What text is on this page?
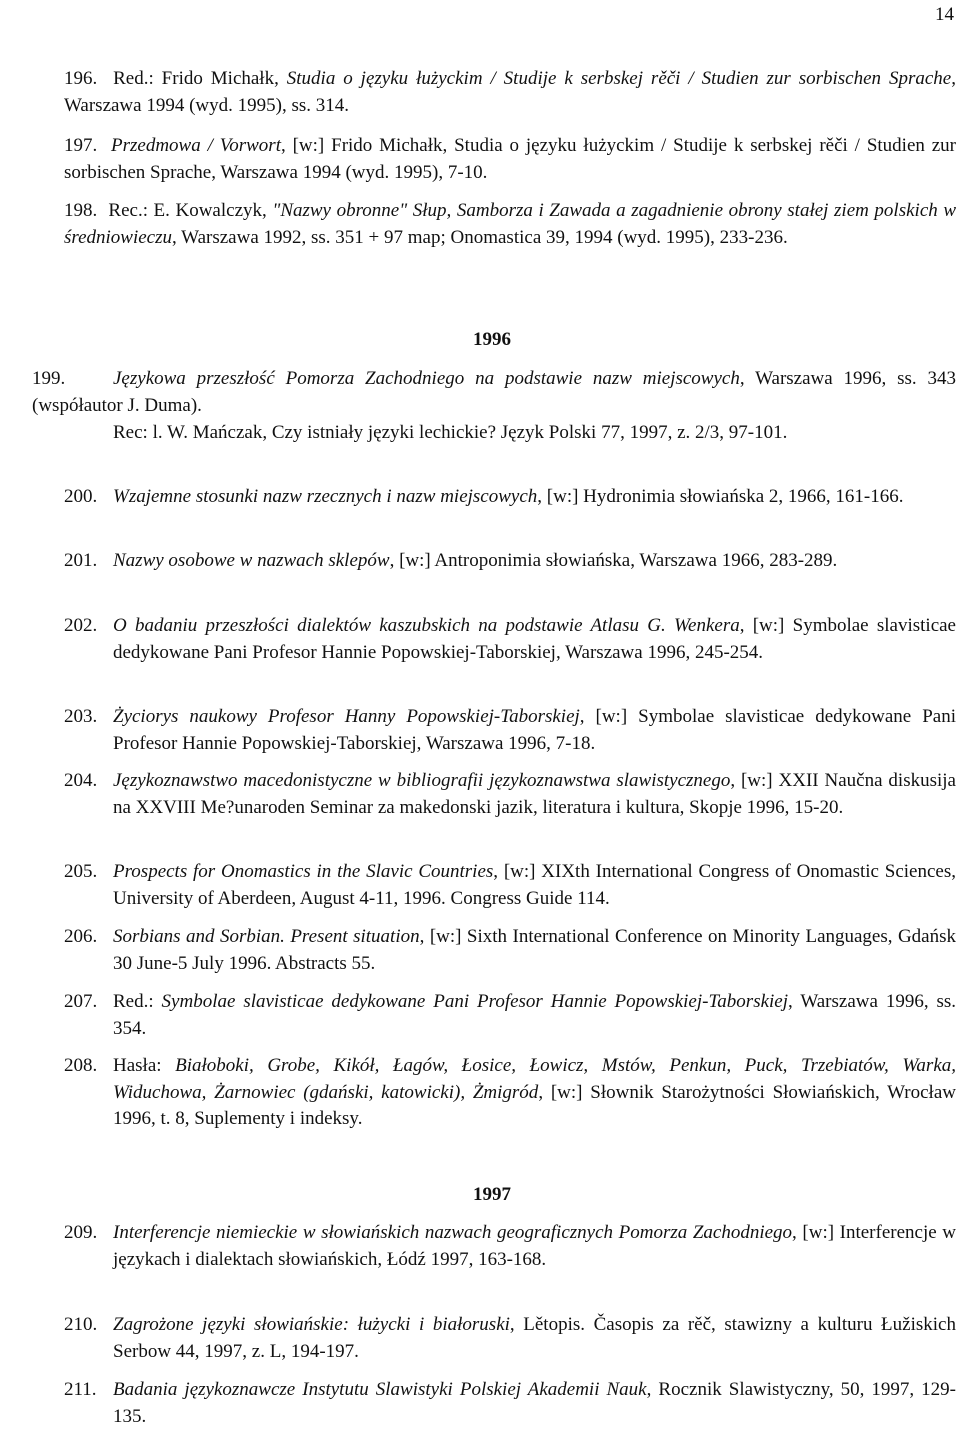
14
196. Red.: Frido Michałk, Studia o języku łużyckim / Studije k serbskej rěči / Studien zur sorbischen Sprache, Warszawa 1994 (wyd. 1995), ss. 314.
197. Przedmowa / Vorwort, [w:] Frido Michałk, Studia o języku łużyckim / Studije k serbskej rěči / Studien zur sorbischen Sprache, Warszawa 1994 (wyd. 1995), 7-10.
198. Rec.: E. Kowalczyk, "Nazwy obronne" Słup, Samborza i Zawada a zagadnienie obrony stałej ziem polskich w średniowieczu, Warszawa 1992, ss. 351 + 97 map; Onomastica 39, 1994 (wyd. 1995), 233-236.
1996
199.	Językowa przeszłość Pomorza Zachodniego na podstawie nazw miejscowych, Warszawa 1996, ss. 343 (współautor J. Duma).
Rec: l. W. Mańczak, Czy istniały języki lechickie? Język Polski 77, 1997, z. 2/3, 97-101.
200. Wzajemne stosunki nazw rzecznych i nazw miejscowych, [w:] Hydronimia słowiańska 2, 1966, 161-166.
201. Nazwy osobowe w nazwach sklepów, [w:] Antroponimia słowiańska, Warszawa 1966, 283-289.
202. O badaniu przeszłości dialektów kaszubskich na podstawie Atlasu G. Wenkera, [w:] Symbolae slavisticae dedykowane Pani Profesor Hannie Popowskiej-Taborskiej, Warszawa 1996, 245-254.
203. Życiorys naukowy Profesor Hanny Popowskiej-Taborskiej, [w:] Symbolae slavisticae dedykowane Pani Profesor Hannie Popowskiej-Taborskiej, Warszawa 1996, 7-18.
204. Językoznawstwo macedonistyczne w bibliografii językoznawstwa slawistycznego, [w:] XXII Naučna diskusija na XXVIII Me?unaroden Seminar za makedonski jazik, literatura i kultura, Skopje 1996, 15-20.
205. Prospects for Onomastics in the Slavic Countries, [w:] XIXth International Congress of Onomastic Sciences, University of Aberdeen, August 4-11, 1996. Congress Guide 114.
206. Sorbians and Sorbian. Present situation, [w:] Sixth International Conference on Minority Languages, Gdańsk 30 June-5 July 1996. Abstracts 55.
207. Red.: Symbolae slavisticae dedykowane Pani Profesor Hannie Popowskiej-Taborskiej, Warszawa 1996, ss. 354.
208. Hasła: Białoboki, Grobe, Kikół, Łagów, Łosice, Łowicz, Mstów, Penkun, Puck, Trzebiatów, Warka, Widuchowa, Żarnowiec (gdański, katowicki), Żmigród, [w:] Słownik Starożytności Słowiańskich, Wrocław 1996, t. 8, Suplementy i indeksy.
1997
209. Interferencje niemieckie w słowiańskich nazwach geograficznych Pomorza Zachodniego, [w:] Interferencje w językach i dialektach słowiańskich, Łódź 1997, 163-168.
210. Zagrożone języki słowiańskie: łużycki i białoruski, Lětopis. Časopis za rěč, stawizny a kulturu Łužiskich Serbow 44, 1997, z. L, 194-197.
211. Badania językoznawcze Instytutu Slawistyki Polskiej Akademii Nauk, Rocznik Slawistyczny, 50, 1997, 129-135.
